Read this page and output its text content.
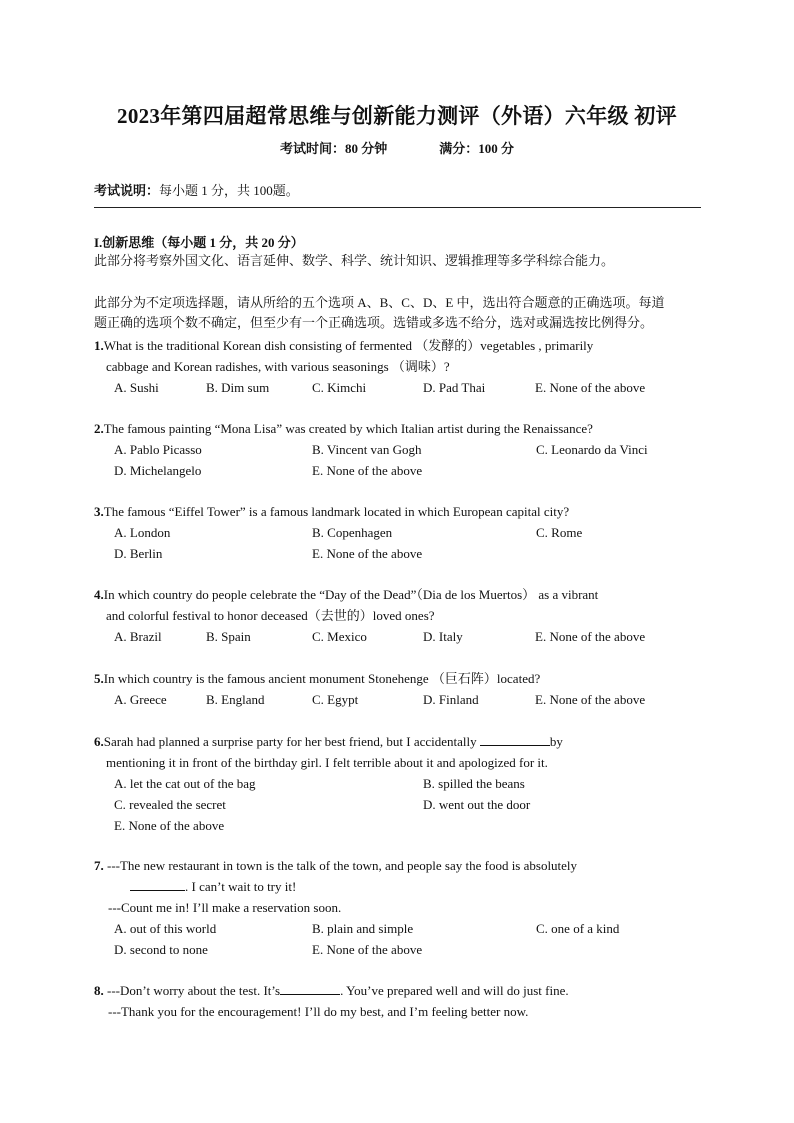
2023年第四届超常思维与创新能力测评（外语）六年级 初评
考试时间：80 分钟	满分：100 分
考试说明：每小题 1 分，共 100题。
I.创新思维（每小题 1 分，共 20 分）
此部分将考察外国文化、语言延伸、数学、科学、统计知识、逻辑推理等多学科综合能力。
此部分为不定项选择题，请从所给的五个选项 A、B、C、D、E 中，选出符合题意的正确选项。每道
题正确的选项个数不确定，但至少有一个正确选项。选错或多选不给分，选对或漏选按比例得分。
1.What is the traditional Korean dish consisting of fermented （发酵的）vegetables , primarily
cabbage and Korean radishes, with various seasonings （调味）?
A. Sushi	B. Dim sum	C. Kimchi	D. Pad Thai	E. None of the above
2.The famous painting “Mona Lisa” was created by which Italian artist during the Renaissance?
A. Pablo Picasso	B. Vincent van Gogh	C. Leonardo da Vinci
D. Michelangelo	E. None of the above
3.The famous “Eiffel Tower” is a famous landmark located in which European capital city?
A. London	B. Copenhagen	C. Rome
D. Berlin	E. None of the above
4.In which country do people celebrate the “Day of the Dead”（Dia de los Muertos） as a vibrant
and colorful festival to honor deceased（去世的）loved ones?
A. Brazil	B. Spain	C. Mexico	D. Italy	E. None of the above
5.In which country is the famous ancient monument Stonehenge （巨石阵）located?
A. Greece	B. England	C. Egypt	D. Finland	E. None of the above
6.Sarah had planned a surprise party for her best friend, but I accidentally	by
mentioning it in front of the birthday girl. I felt terrible about it and apologized for it.
A. let the cat out of the bag	B. spilled the beans
C. revealed the secret	D. went out the door
E. None of the above
7. ---The new restaurant in town is the talk of the town, and people say the food is absolutely
. I can’t wait to try it!
---Count me in! I’ll make a reservation soon.
A. out of this world	B. plain and simple	C. one of a kind
D. second to none	E. None of the above
8. ---Don’t worry about the test. It’s	. You’ve prepared well and will do just fine.
---Thank you for the encouragement! I’ll do my best, and I’m feeling better now.
